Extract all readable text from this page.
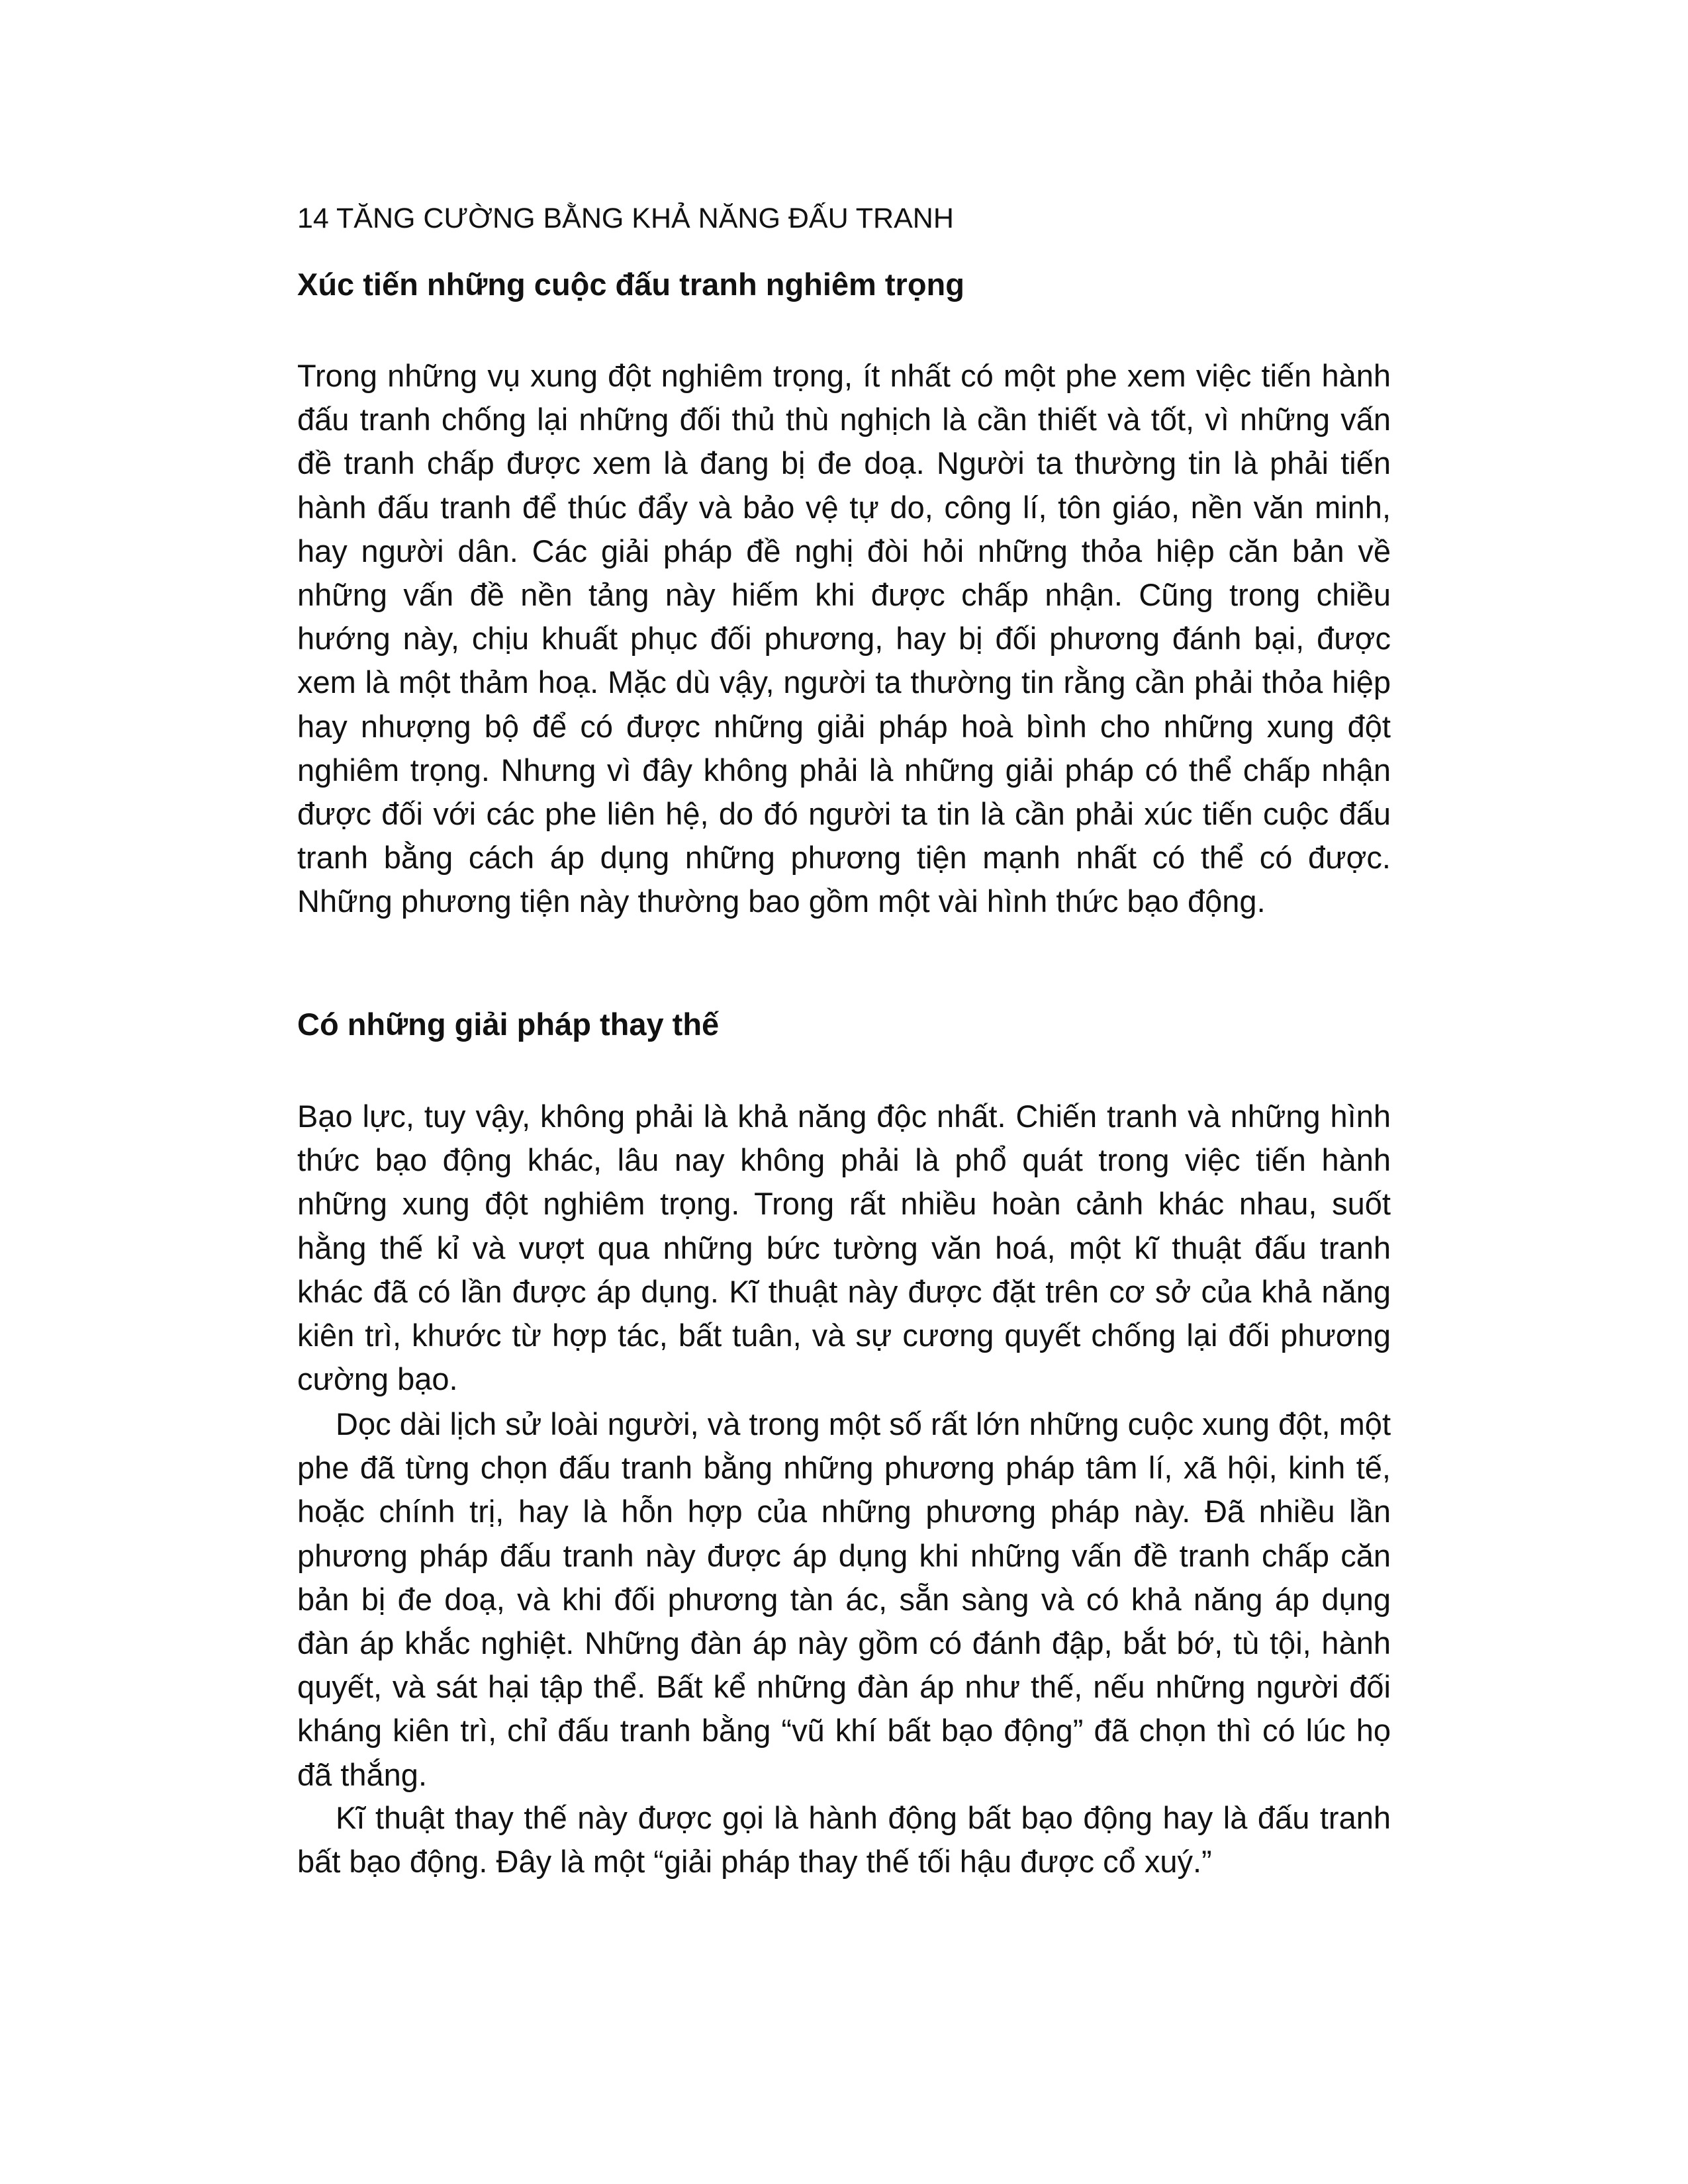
14 TĂNG CƯỜNG BẰNG KHẢ NĂNG ĐẤU TRANH
Xúc tiến những cuộc đấu tranh nghiêm trọng

Trong những vụ xung đột nghiêm trọng, ít nhất có một phe xem việc tiến hành đấu tranh chống lại những đối thủ thù nghịch là cần thiết và tốt, vì những vấn đề tranh chấp được xem là đang bị đe doạ. Người ta thường tin là phải tiến hành đấu tranh để thúc đẩy và bảo vệ tự do, công lí, tôn giáo, nền văn minh, hay người dân. Các giải pháp đề nghị đòi hỏi những thỏa hiệp căn bản về những vấn đề nền tảng này hiếm khi được chấp nhận. Cũng trong chiều hướng này, chịu khuất phục đối phương, hay bị đối phương đánh bại, được xem là một thảm hoạ. Mặc dù vậy, người ta thường tin rằng cần phải thỏa hiệp hay nhượng bộ để có được những giải pháp hoà bình cho những xung đột nghiêm trọng. Nhưng vì đây không phải là những giải pháp có thể chấp nhận được đối với các phe liên hệ, do đó người ta tin là cần phải xúc tiến cuộc đấu tranh bằng cách áp dụng những phương tiện mạnh nhất có thể có được. Những phương tiện này thường bao gồm một vài hình thức bạo động.

Có những giải pháp thay thế

Bạo lực, tuy vậy, không phải là khả năng độc nhất. Chiến tranh và những hình thức bạo động khác, lâu nay không phải là phổ quát trong việc tiến hành những xung đột nghiêm trọng. Trong rất nhiều hoàn cảnh khác nhau, suốt hằng thế kỉ và vượt qua những bức tường văn hoá, một kĩ thuật đấu tranh khác đã có lần được áp dụng. Kĩ thuật này được đặt trên cơ sở của khả năng kiên trì, khước từ hợp tác, bất tuân, và sự cương quyết chống lại đối phương cường bạo.

Dọc dài lịch sử loài người, và trong một số rất lớn những cuộc xung đột, một phe đã từng chọn đấu tranh bằng những phương pháp tâm lí, xã hội, kinh tế, hoặc chính trị, hay là hỗn hợp của những phương pháp này. Đã nhiều lần phương pháp đấu tranh này được áp dụng khi những vấn đề tranh chấp căn bản bị đe doạ, và khi đối phương tàn ác, sẵn sàng và có khả năng áp dụng đàn áp khắc nghiệt. Những đàn áp này gồm có đánh đập, bắt bớ, tù tội, hành quyết, và sát hại tập thể. Bất kể những đàn áp như thế, nếu những người đối kháng kiên trì, chỉ đấu tranh bằng “vũ khí bất bạo động” đã chọn thì có lúc họ đã thắng.

Kĩ thuật thay thế này được gọi là hành động bất bạo động hay là đấu tranh bất bạo động. Đây là một “giải pháp thay thế tối hậu được cổ xuý.”
